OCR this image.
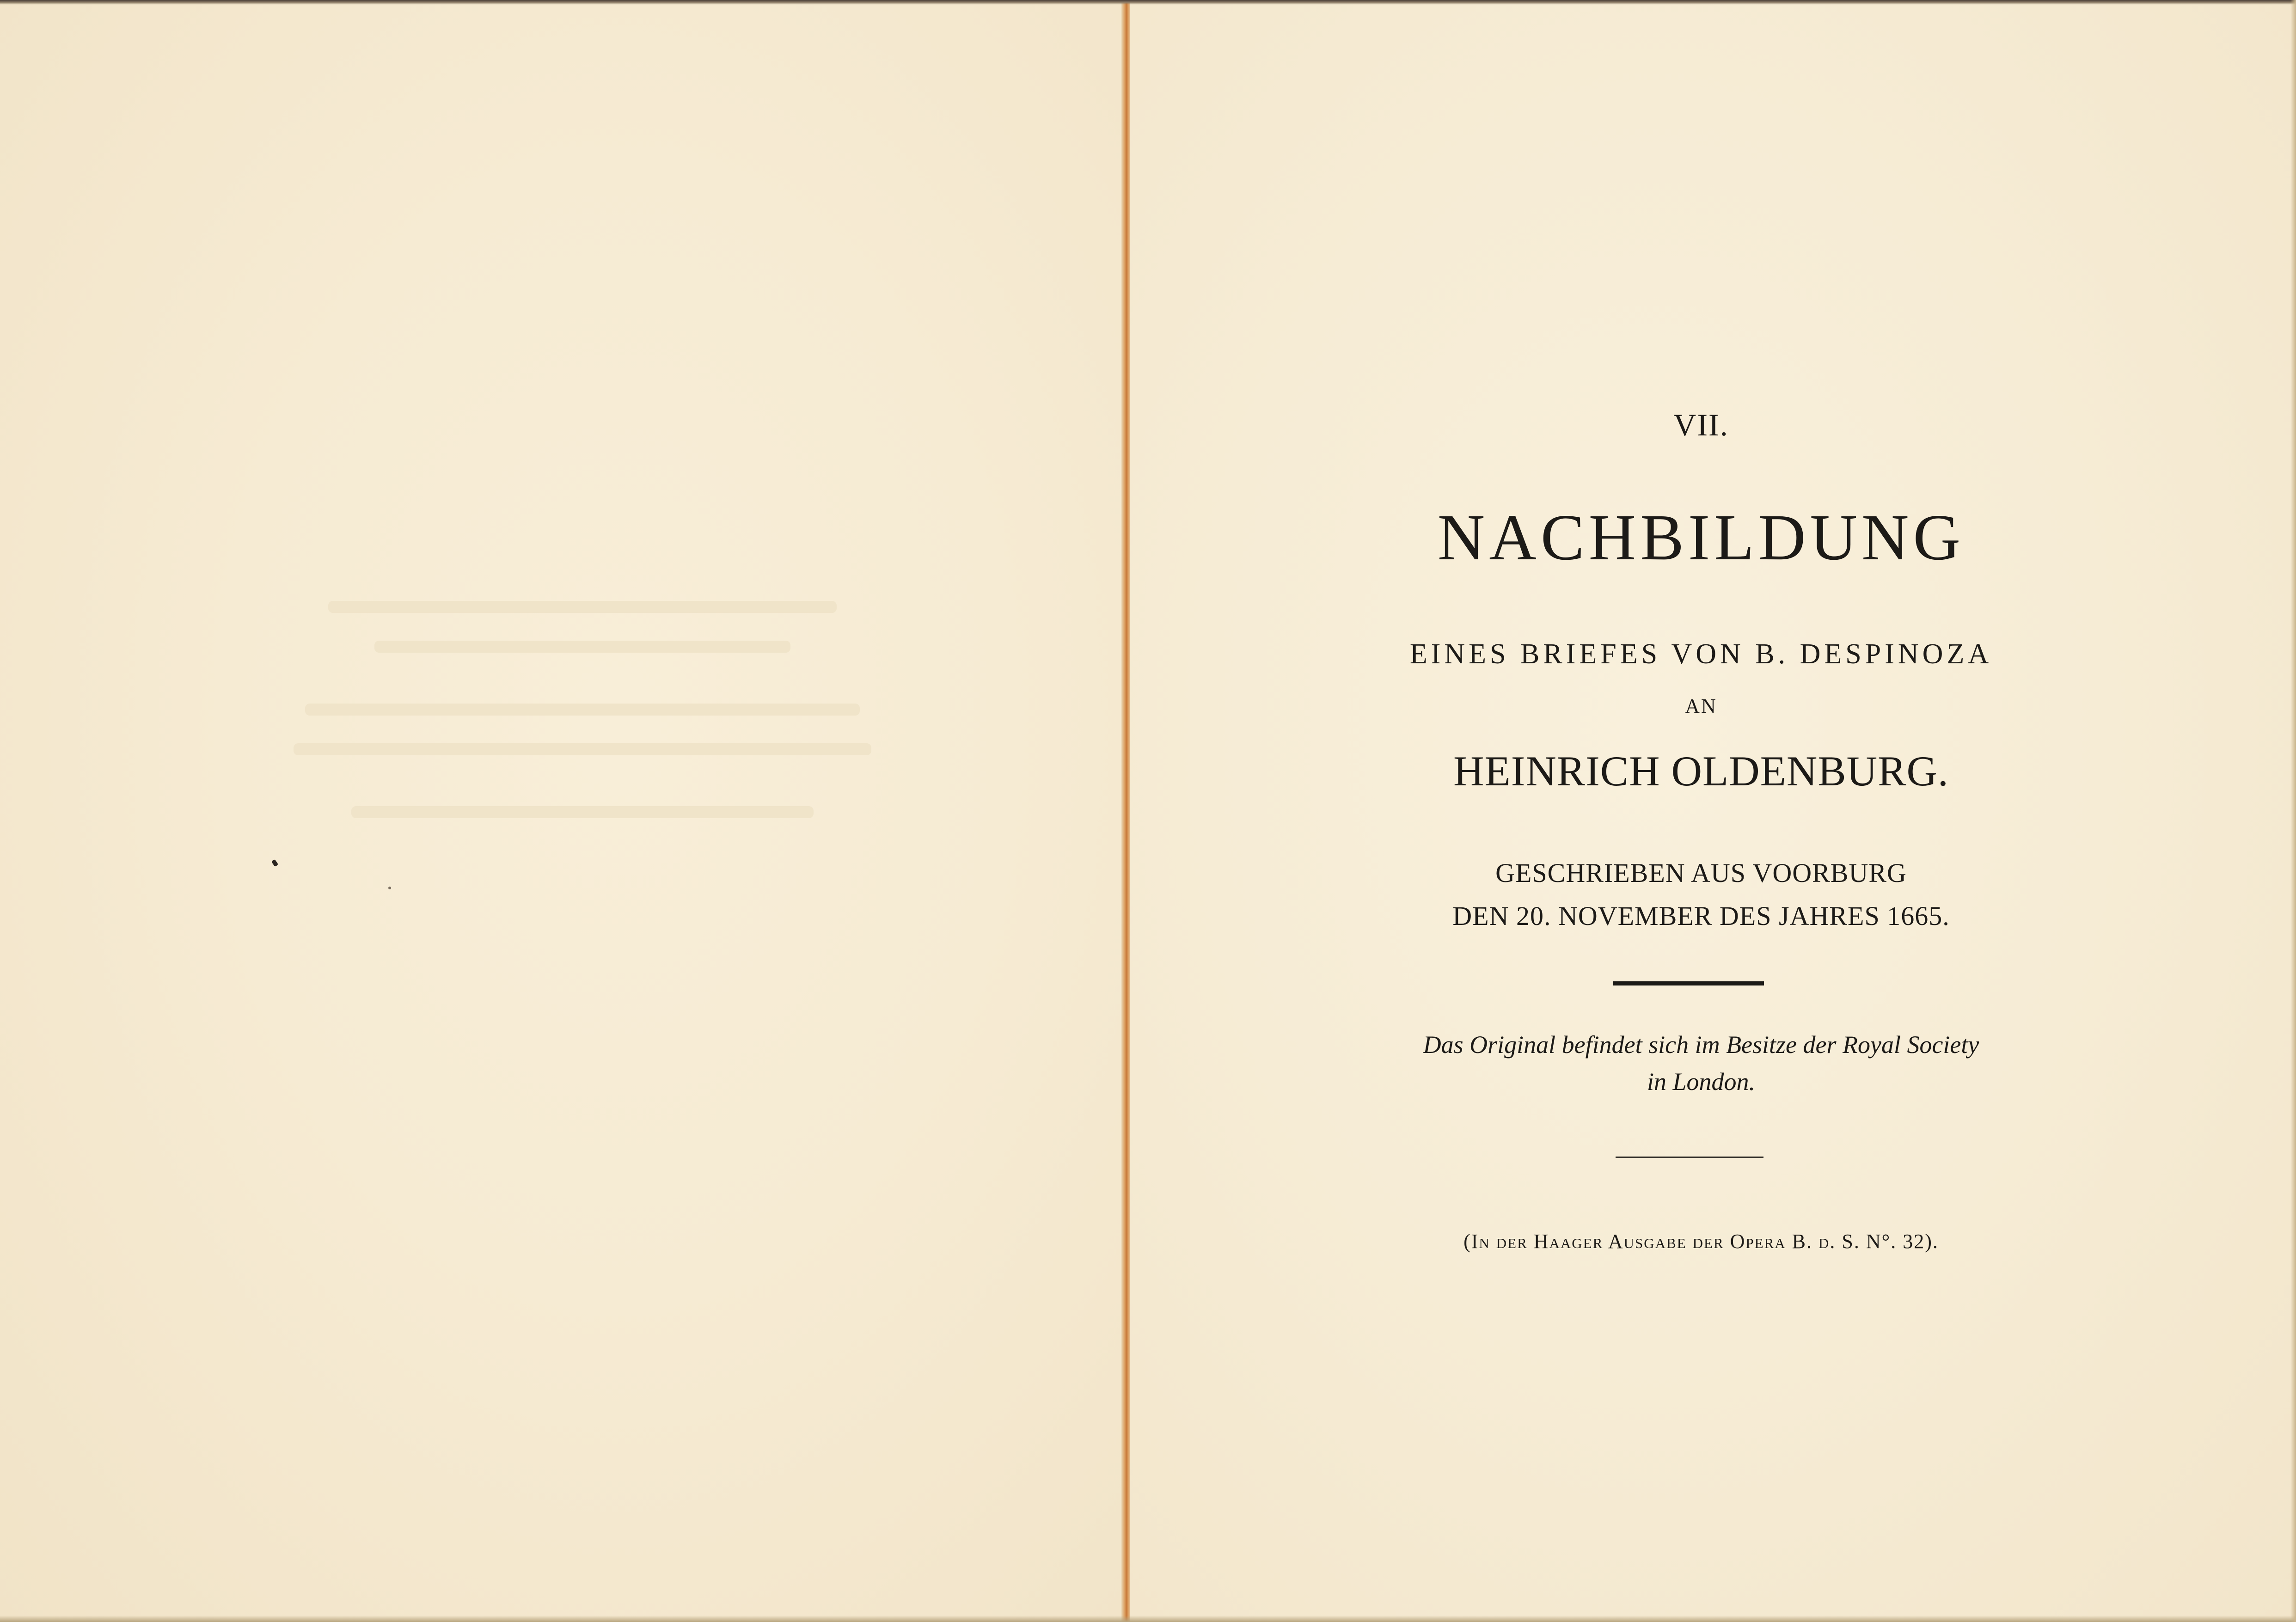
VII.
NACHBILDUNG
EINES BRIEFES VON B. DESPINOZA
AN
HEINRICH OLDENBURG.
GESCHRIEBEN AUS VOORBURG
DEN 20. NOVEMBER DES JAHRES 1665.
Das Original befindet sich im Besitze der Royal Society
in London.
(In der Haager Ausgabe der Opera B. d. S. N°. 32).
